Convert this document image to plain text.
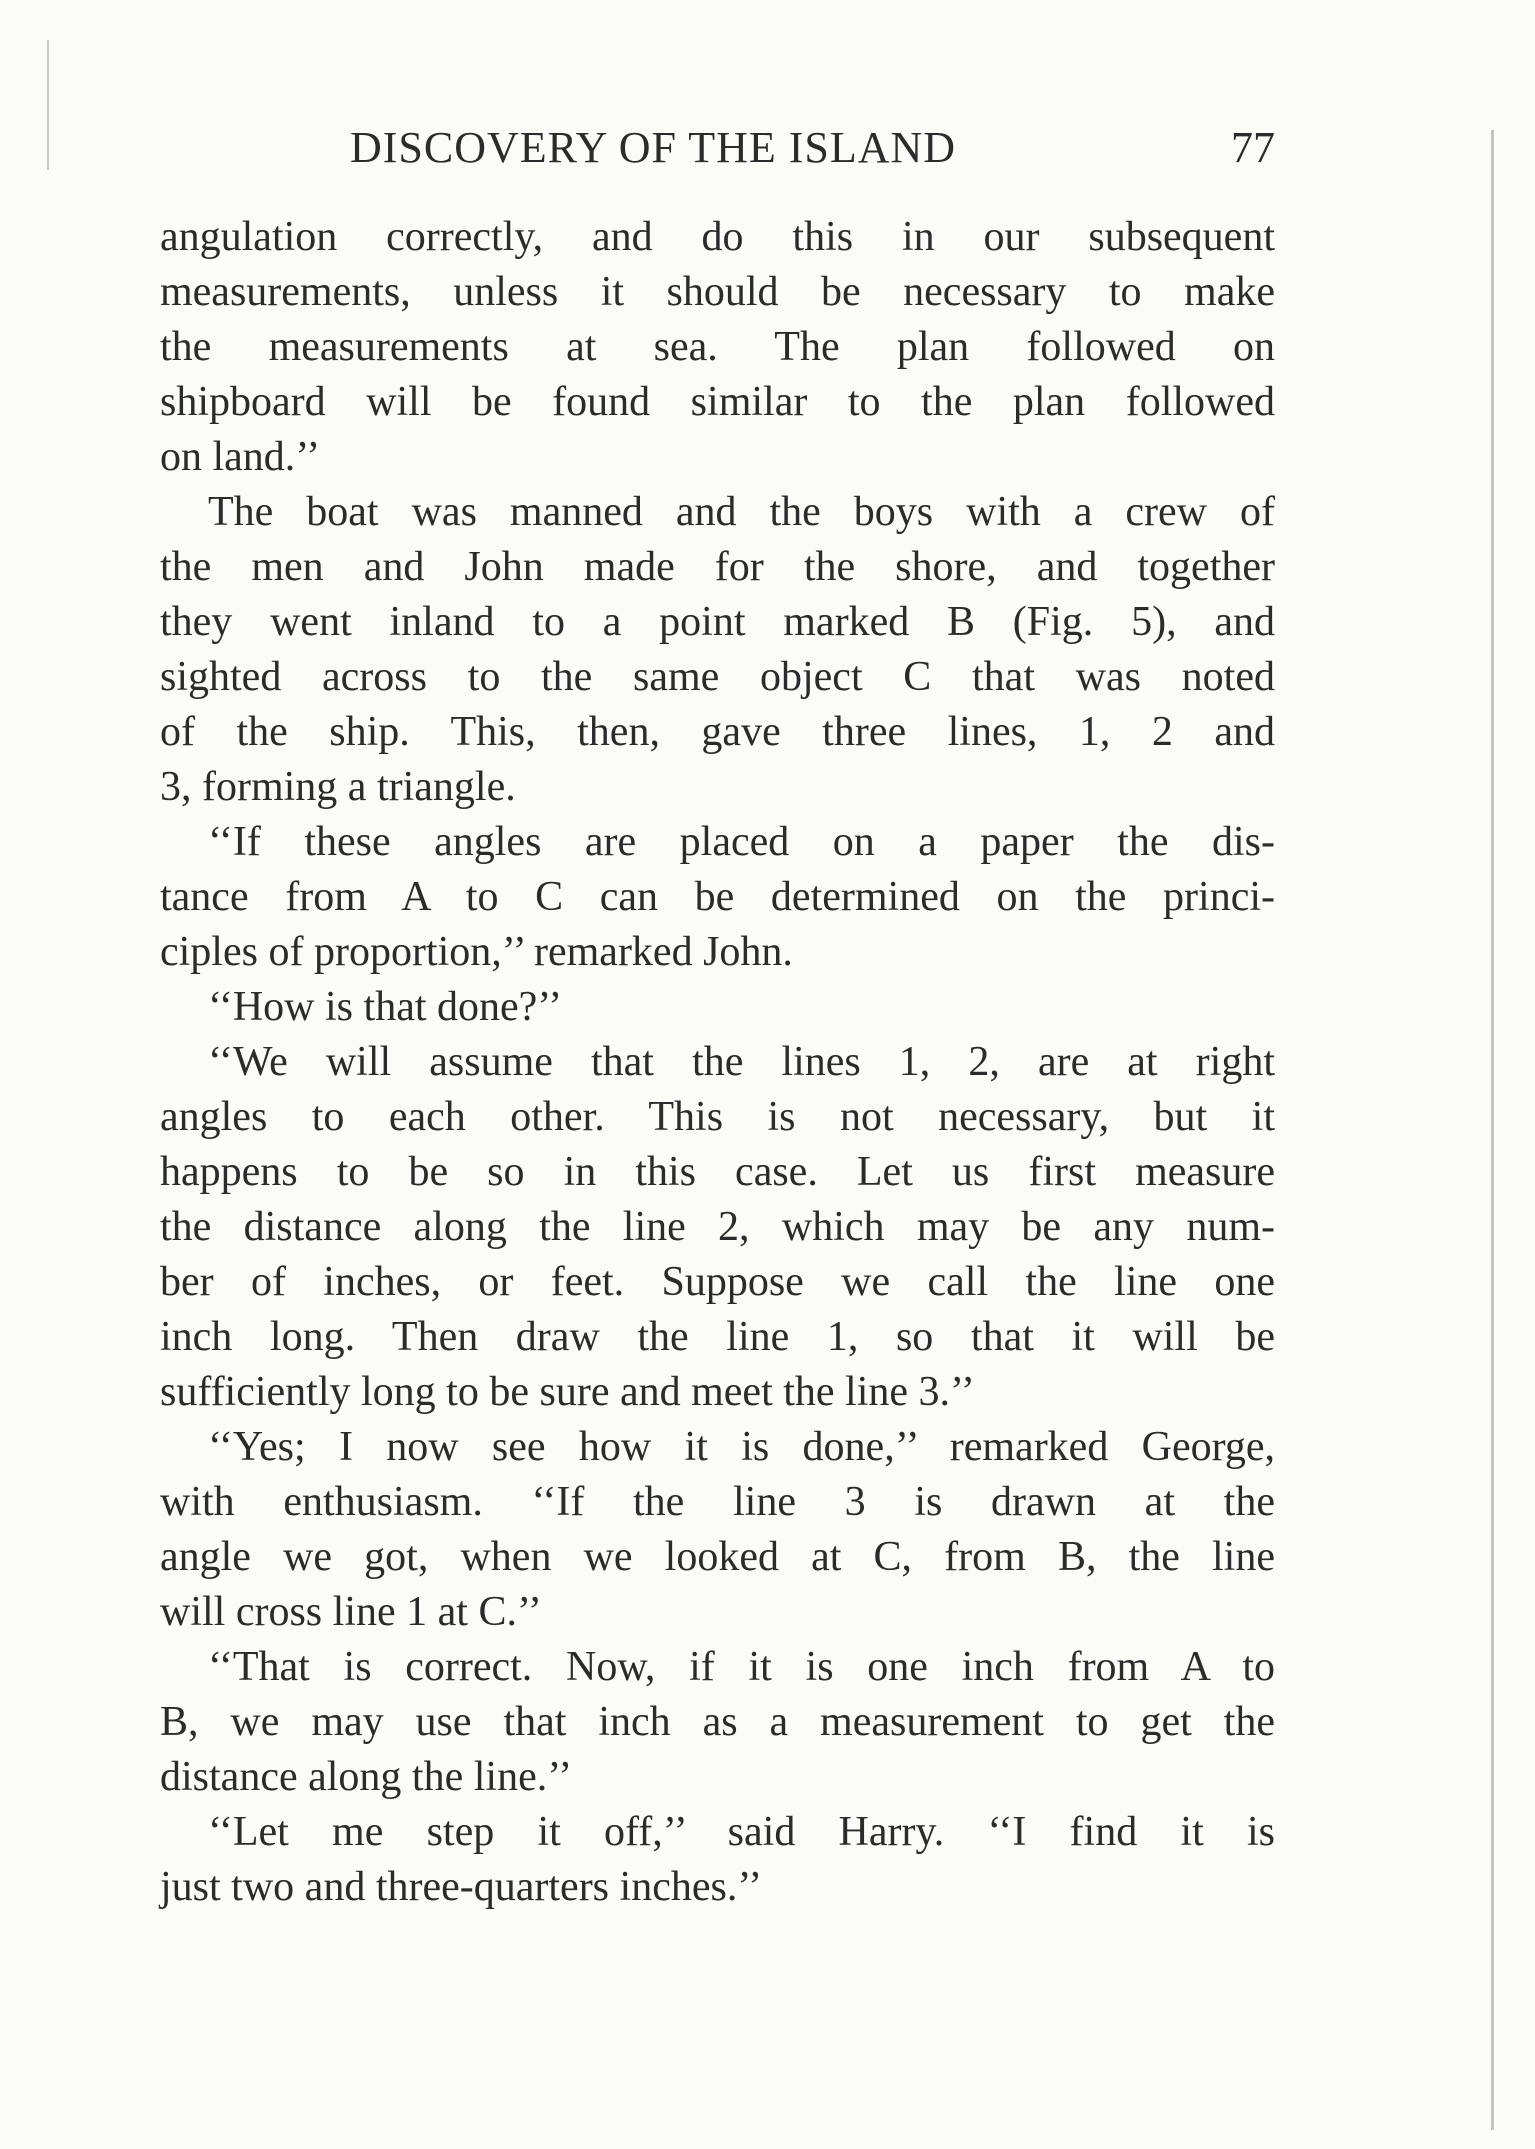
DISCOVERY OF THE ISLAND	77
angulation correctly, and do this in our subsequent
measurements, unless it should be necessary to make
the measurements at sea. The plan followed on
shipboard will be found similar to the plan followed
on land.’’
The boat was manned and the boys with a crew of
the men and John made for the shore, and together
they went inland to a point marked B (Fig. 5), and
sighted across to the same object C that was noted
of the ship. This, then, gave three lines, 1, 2 and
3, forming a triangle.
‘‘If these angles are placed on a paper the dis-
tance from A to C can be determined on the princi-
ciples of proportion,’’ remarked John.
‘‘How is that done?’’
‘‘We will assume that the lines 1, 2, are at right
angles to each other. This is not necessary, but it
happens to be so in this case. Let us first measure
the distance along the line 2, which may be any num-
ber of inches, or feet. Suppose we call the line one
inch long. Then draw the line 1, so that it will be
sufficiently long to be sure and meet the line 3.’’
‘‘Yes; I now see how it is done,’’ remarked George,
with enthusiasm. ‘‘If the line 3 is drawn at the
angle we got, when we looked at C, from B, the line
will cross line 1 at C.’’
‘‘That is correct. Now, if it is one inch from A to
B, we may use that inch as a measurement to get the
distance along the line.’’
‘‘Let me step it off,’’ said Harry. ‘‘I find it is
just two and three-quarters inches.’’
